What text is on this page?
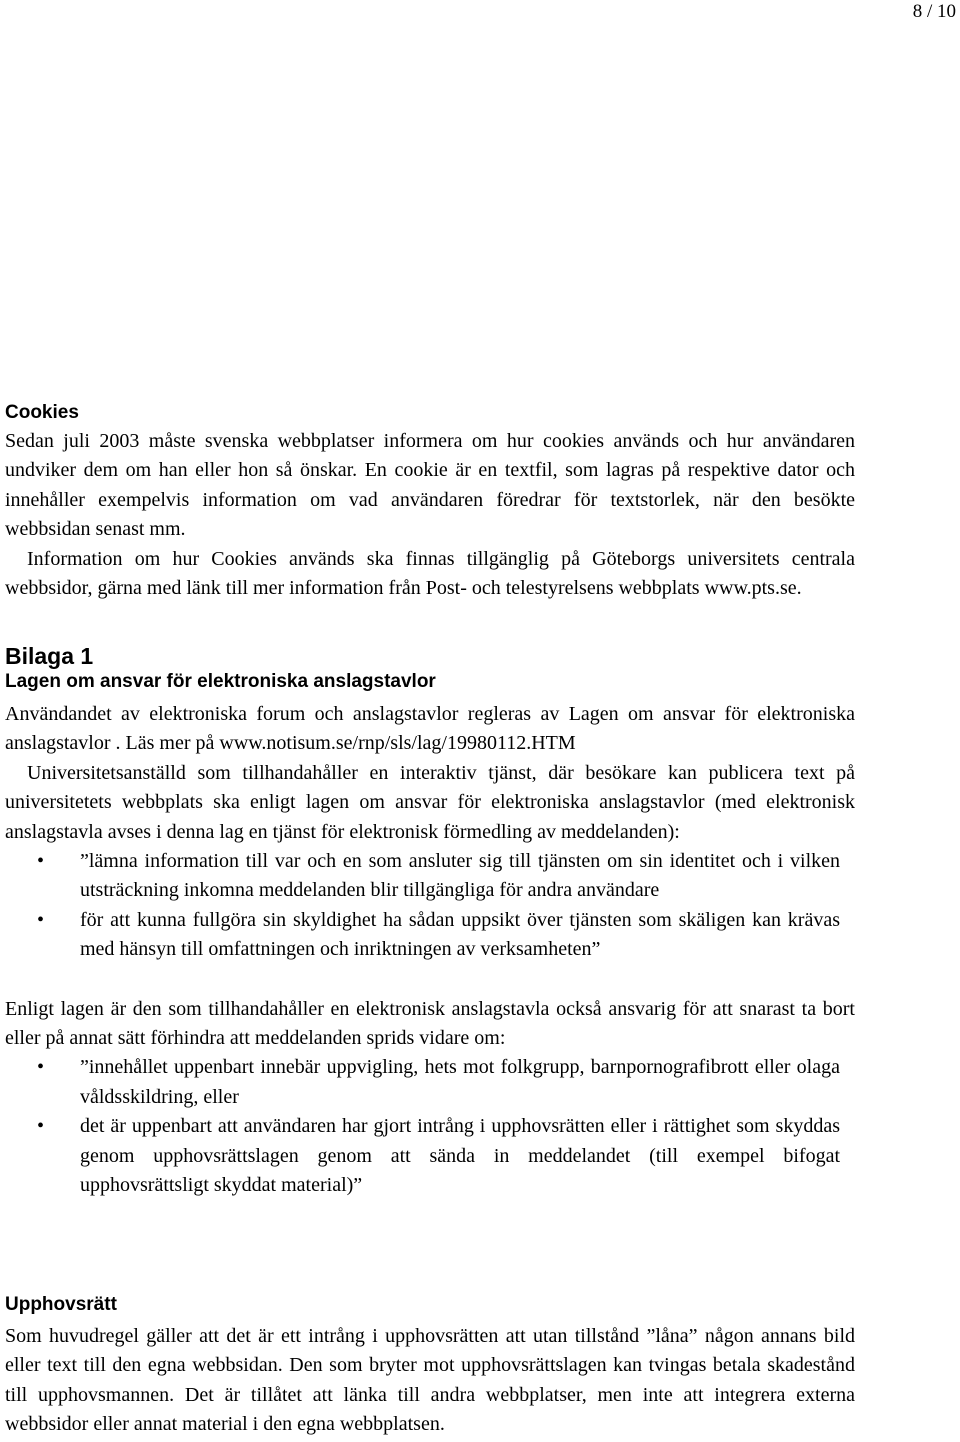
8 / 10
Bilaga 1
Cookies

Sedan juli 2003 måste svenska webbplatser informera om hur cookies används och hur användaren undviker dem om han eller hon så önskar. En cookie är en textfil, som lagras på respektive dator och innehåller exempelvis information om vad användaren föredrar för textstorlek, när den besökte webbsidan senast mm.

Information om hur Cookies används ska finnas tillgänglig på Göteborgs universitets centrala webbsidor, gärna med länk till mer information från Post- och telestyrelsens webbplats www.pts.se.

Lagen om ansvar för elektroniska anslagstavlor

Användandet av elektroniska forum och anslagstavlor regleras av Lagen om ansvar för elektroniska anslagstavlor . Läs mer på www.notisum.se/rnp/sls/lag/19980112.HTM

Universitetsanställd som tillhandahåller en interaktiv tjänst, där besökare kan publicera text på universitetets webbplats ska enligt lagen om ansvar för elektroniska anslagstavlor (med elektronisk anslagstavla avses i denna lag en tjänst för elektronisk förmedling av meddelanden):

• ”lämna information till var och en som ansluter sig till tjänsten om sin identitet och i vilken utsträckning inkomna meddelanden blir tillgängliga för andra användare
• för att kunna fullgöra sin skyldighet ha sådan uppsikt över tjänsten som skäligen kan krävas med hänsyn till omfattningen och inriktningen av verksamheten”

Enligt lagen är den som tillhandahåller en elektronisk anslagstavla också ansvarig för att snarast ta bort eller på annat sätt förhindra att meddelanden sprids vidare om:

• ”innehållet uppenbart innebär uppvigling, hets mot folkgrupp, barnpornografibrott eller olaga våldsskildring, eller
• det är uppenbart att användaren har gjort intrång i upphovsrätten eller i rättighet som skyddas genom upphovsrättslagen genom att sända in meddelandet (till exempel bifogat upphovsrättsligt skyddat material)”
Upphovsrätt

Som huvudregel gäller att det är ett intrång i upphovsrätten att utan tillstånd ”låna” någon annans bild eller text till den egna webbsidan. Den som bryter mot upphovsrättslagen kan tvingas betala skadestånd till upphovsmannen. Det är tillåtet att länka till andra webbplatser, men inte att integrera externa webbsidor eller annat material i den egna webbplatsen.
